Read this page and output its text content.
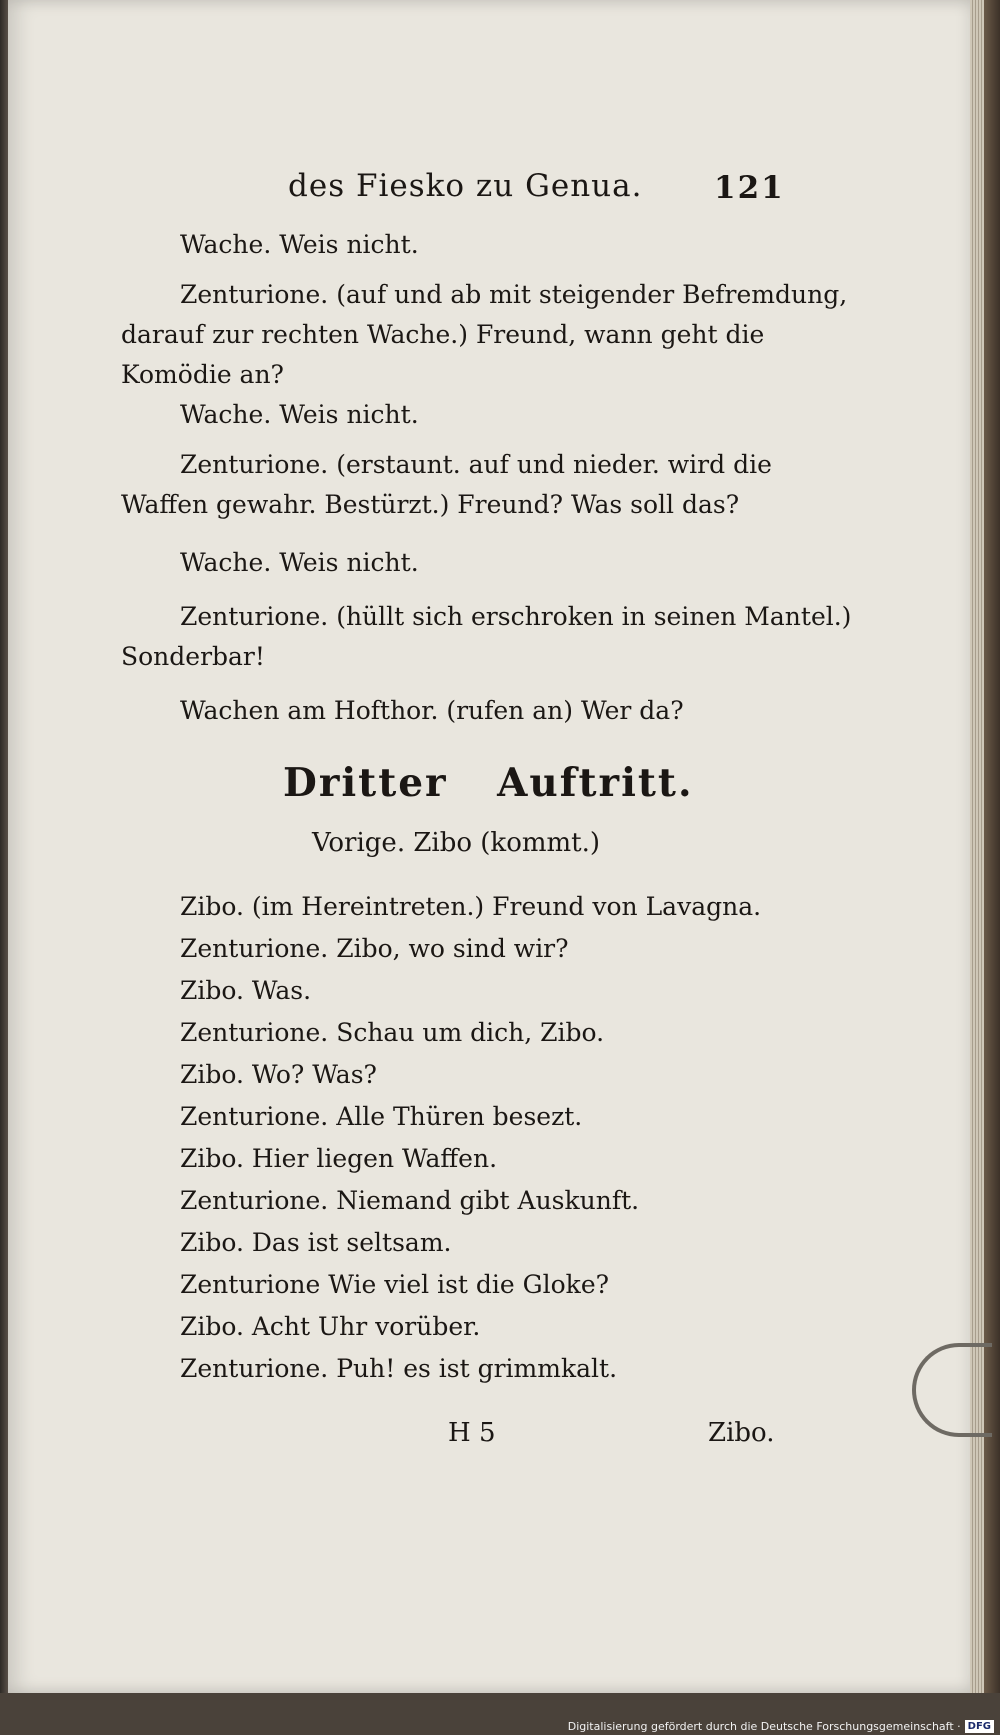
des Fiesko zu Genua. 121
Wache. Weis nicht.
Zenturione. (auf und ab mit steigender Befremdung,
darauf zur rechten Wache.) Freund, wann geht die
Komödie an?
Wache. Weis nicht.
Zenturione. (erstaunt. auf und nieder. wird die
Waffen gewahr. Bestürzt.) Freund? Was soll das?
Wache. Weis nicht.
Zenturione. (hüllt sich erschroken in seinen Mantel.)
Sonderbar!
Wachen am Hofthor. (rufen an) Wer da?
Dritter Auftritt.
Vorige. Zibo (kommt.)
Zibo. (im Hereintreten.) Freund von Lavagna.
Zenturione. Zibo, wo sind wir?
Zibo. Was.
Zenturione. Schau um dich, Zibo.
Zibo. Wo? Was?
Zenturione. Alle Thüren besezt.
Zibo. Hier liegen Waffen.
Zenturione. Niemand gibt Auskunft.
Zibo. Das ist seltsam.
Zenturione Wie viel ist die Gloke?
Zibo. Acht Uhr vorüber.
Zenturione. Puh! es ist grimmkalt.
H 5	Zibo.
Digitalisierung gefördert durch die Deutsche Forschungsgemeinschaft · DFG
